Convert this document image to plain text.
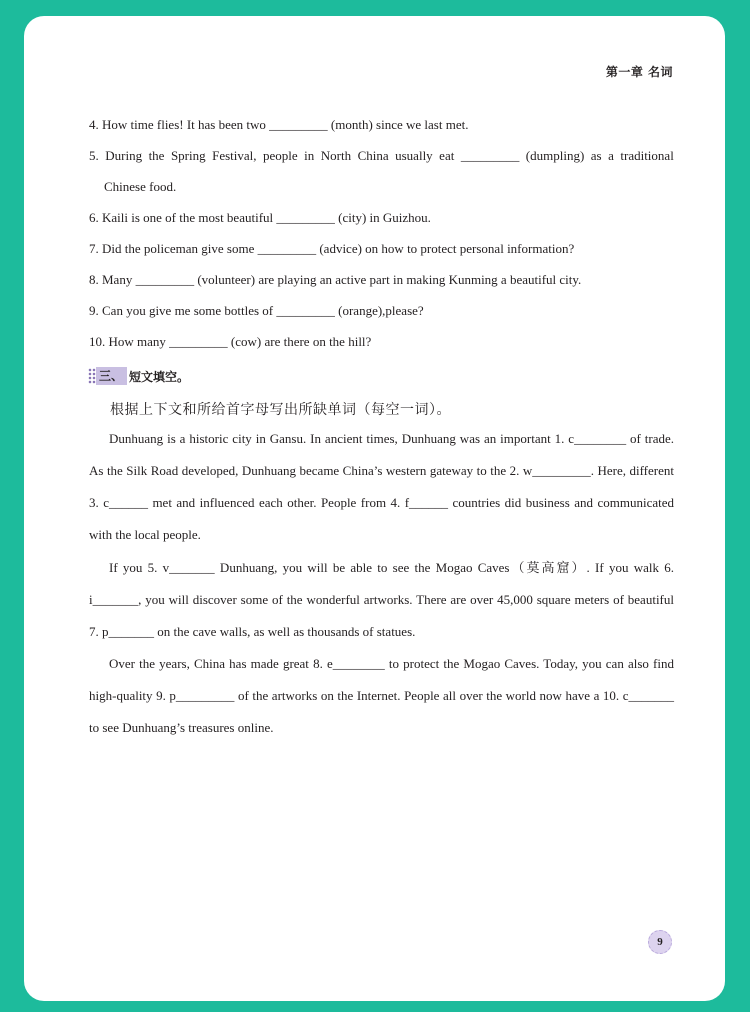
第一章 名词
4. How time flies! It has been two _________ (month) since we last met.
5. During the Spring Festival, people in North China usually eat _________ (dumpling) as a traditional
Chinese food.
6. Kaili is one of the most beautiful _________ (city) in Guizhou.
7. Did the policeman give some _________ (advice) on how to protect personal information?
8. Many _________ (volunteer) are playing an active part in making Kunming a beautiful city.
9. Can you give me some bottles of _________ (orange),please?
10. How many _________ (cow) are there on the hill?
三、 短文填空。
根据上下文和所给首字母写出所缺单词（每空一词）。
Dunhuang is a historic city in Gansu. In ancient times, Dunhuang was an important 1. c________ of trade. As the Silk Road developed, Dunhuang became China’s western gateway to the 2. w_________. Here, different 3. c______ met and influenced each other. People from 4. f______ countries did business and communicated with the local people.
If you 5. v_______ Dunhuang, you will be able to see the Mogao Caves（莫高窟）. If you walk 6. i_______, you will discover some of the wonderful artworks. There are over 45,000 square meters of beautiful 7. p_______ on the cave walls, as well as thousands of statues.
Over the years, China has made great 8. e________ to protect the Mogao Caves. Today, you can also find high-quality 9. p_________ of the artworks on the Internet. People all over the world now have a 10. c_______ to see Dunhuang’s treasures online.
9
